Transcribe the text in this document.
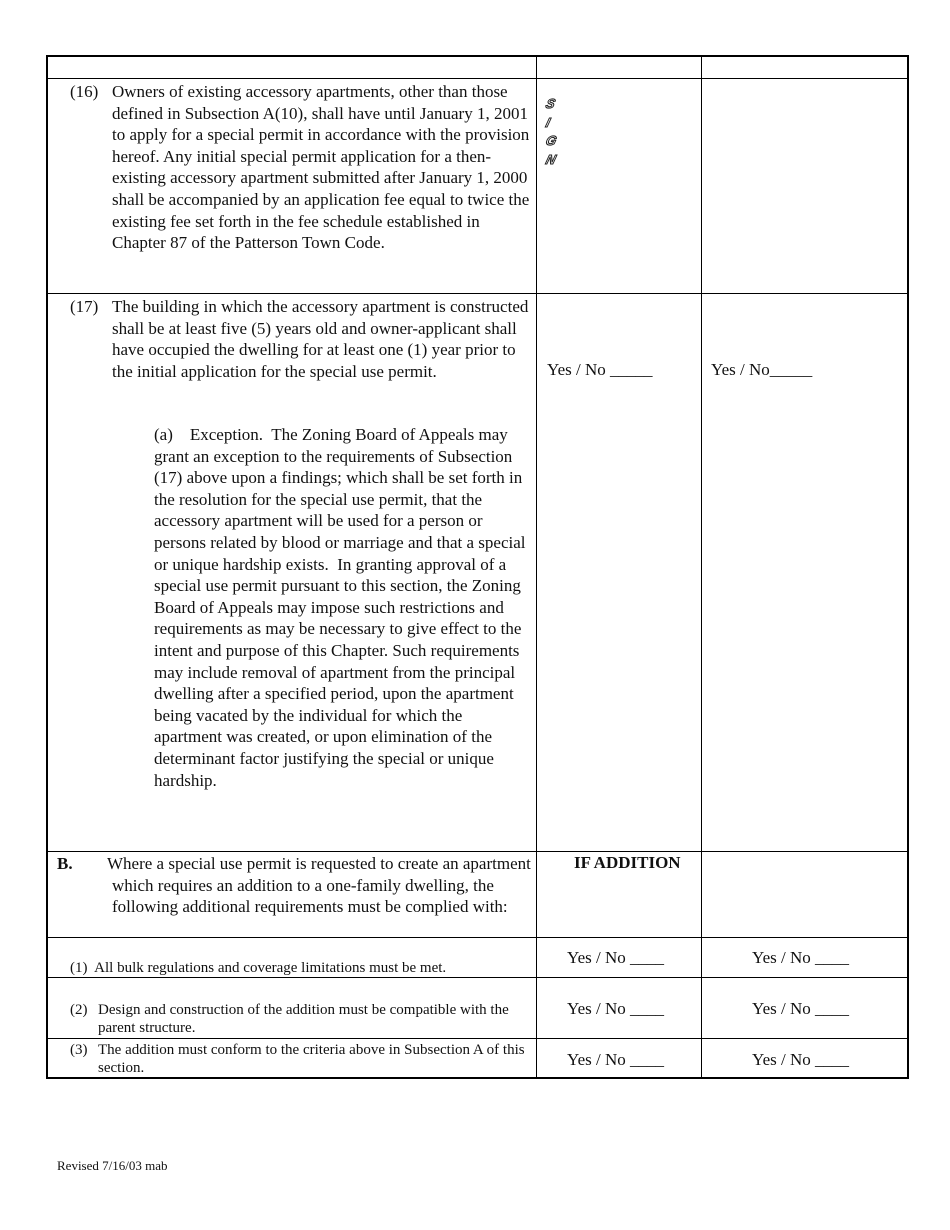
(16) Owners of existing accessory apartments, other than those defined in Subsection A(10), shall have until January 1, 2001 to apply for a special permit in accordance with the provision hereof. Any initial special permit application for a then-existing accessory apartment submitted after January 1, 2000 shall be accompanied by an application fee equal to twice the existing fee set forth in the fee schedule established in Chapter 87 of the Patterson Town Code.
S
I
G
N
(17) The building in which the accessory apartment is constructed shall be at least five (5) years old and owner-applicant shall have occupied the dwelling for at least one (1) year prior to the initial application for the special use permit.
(a)    Exception.  The Zoning Board of Appeals may grant an exception to the requirements of Subsection (17) above upon a findings; which shall be set forth in the resolution for the special use permit, that the accessory apartment will be used for a person or persons related by blood or marriage and that a special or unique hardship exists.  In granting approval of a special use permit pursuant to this section, the Zoning Board of Appeals may impose such restrictions and requirements as may be necessary to give effect to the intent and purpose of this Chapter. Such requirements may include removal of apartment from the principal dwelling after a specified period, upon the apartment being vacated by the individual for which the apartment was created, or upon elimination of the determinant factor justifying the special or unique hardship.
Yes / No _____	Yes / No_____
B. Where a special use permit is requested to create an apartment which requires an addition to a one-family dwelling, the following additional requirements must be complied with:
IF ADDITION
(1)  All bulk regulations and coverage limitations must be met.
Yes / No ____	Yes / No ____
(2) Design and construction of the addition must be compatible with the parent structure.
Yes / No ____	Yes / No ____
(3) The addition must conform to the criteria above in Subsection A of this section.	Yes / No ____	Yes / No ____
Revised 7/16/03 mab
